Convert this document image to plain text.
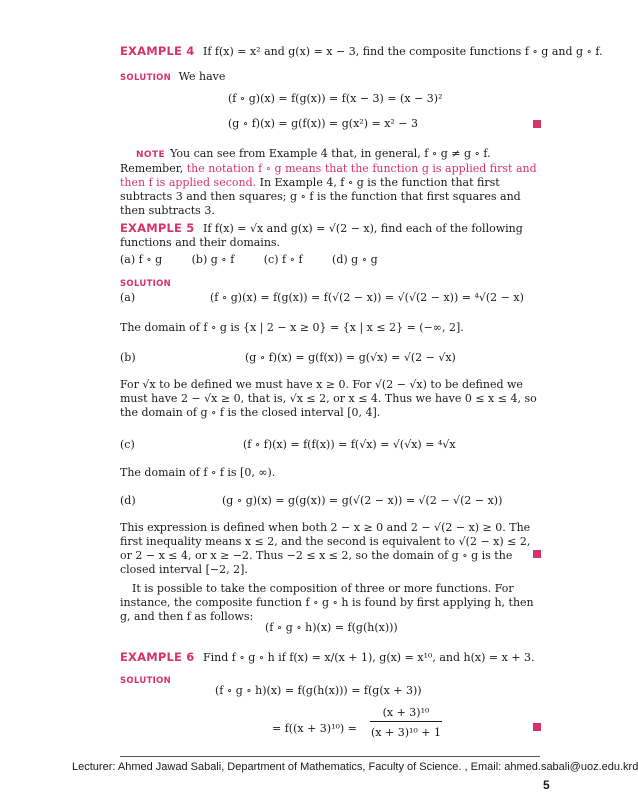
EXAMPLE 4 If f(x) = x² and g(x) = x − 3, find the composite functions f ∘ g and g ∘ f.
SOLUTION We have
(f ∘ g)(x) = f(g(x)) = f(x − 3) = (x − 3)²
(g ∘ f)(x) = g(f(x)) = g(x²) = x² − 3
NOTE You can see from Example 4 that, in general, f ∘ g ≠ g ∘ f. Remember, the notation f ∘ g means that the function g is applied first and then f is applied second. In Example 4, f ∘ g is the function that first subtracts 3 and then squares; g ∘ f is the function that first squares and then subtracts 3.
EXAMPLE 5 If f(x) = √x and g(x) = √(2 − x), find each of the following functions and their domains.
(a) f ∘ g	(b) g ∘ f	(c) f ∘ f	(d) g ∘ g
SOLUTION
(a)	(f ∘ g)(x) = f(g(x)) = f(√(2 − x)) = √(√(2 − x)) = ⁴√(2 − x)
The domain of f ∘ g is {x | 2 − x ≥ 0} = {x | x ≤ 2} = (−∞, 2].
(b)	(g ∘ f)(x) = g(f(x)) = g(√x) = √(2 − √x)
For √x to be defined we must have x ≥ 0. For √(2 − √x) to be defined we must have 2 − √x ≥ 0, that is, √x ≤ 2, or x ≤ 4. Thus we have 0 ≤ x ≤ 4, so the domain of g ∘ f is the closed interval [0, 4].
(c)	(f ∘ f)(x) = f(f(x)) = f(√x) = √(√x) = ⁴√x
The domain of f ∘ f is [0, ∞).
(d)	(g ∘ g)(x) = g(g(x)) = g(√(2 − x)) = √(2 − √(2 − x))
This expression is defined when both 2 − x ≥ 0 and 2 − √(2 − x) ≥ 0. The first inequality means x ≤ 2, and the second is equivalent to √(2 − x) ≤ 2, or 2 − x ≤ 4, or x ≥ −2. Thus −2 ≤ x ≤ 2, so the domain of g ∘ g is the closed interval [−2, 2].
It is possible to take the composition of three or more functions. For instance, the composite function f ∘ g ∘ h is found by first applying h, then g, and then f as follows:
(f ∘ g ∘ h)(x) = f(g(h(x)))
EXAMPLE 6 Find f ∘ g ∘ h if f(x) = x/(x + 1), g(x) = x¹⁰, and h(x) = x + 3.
SOLUTION
(f ∘ g ∘ h)(x) = f(g(h(x))) = f(g(x + 3))
= f((x + 3)¹⁰) =
(x + 3)¹⁰
(x + 3)¹⁰ + 1
Lecturer: Ahmed Jawad Sabali, Department of Mathematics, Faculty of Science. , Email: ahmed.sabali@uoz.edu.krd
5
